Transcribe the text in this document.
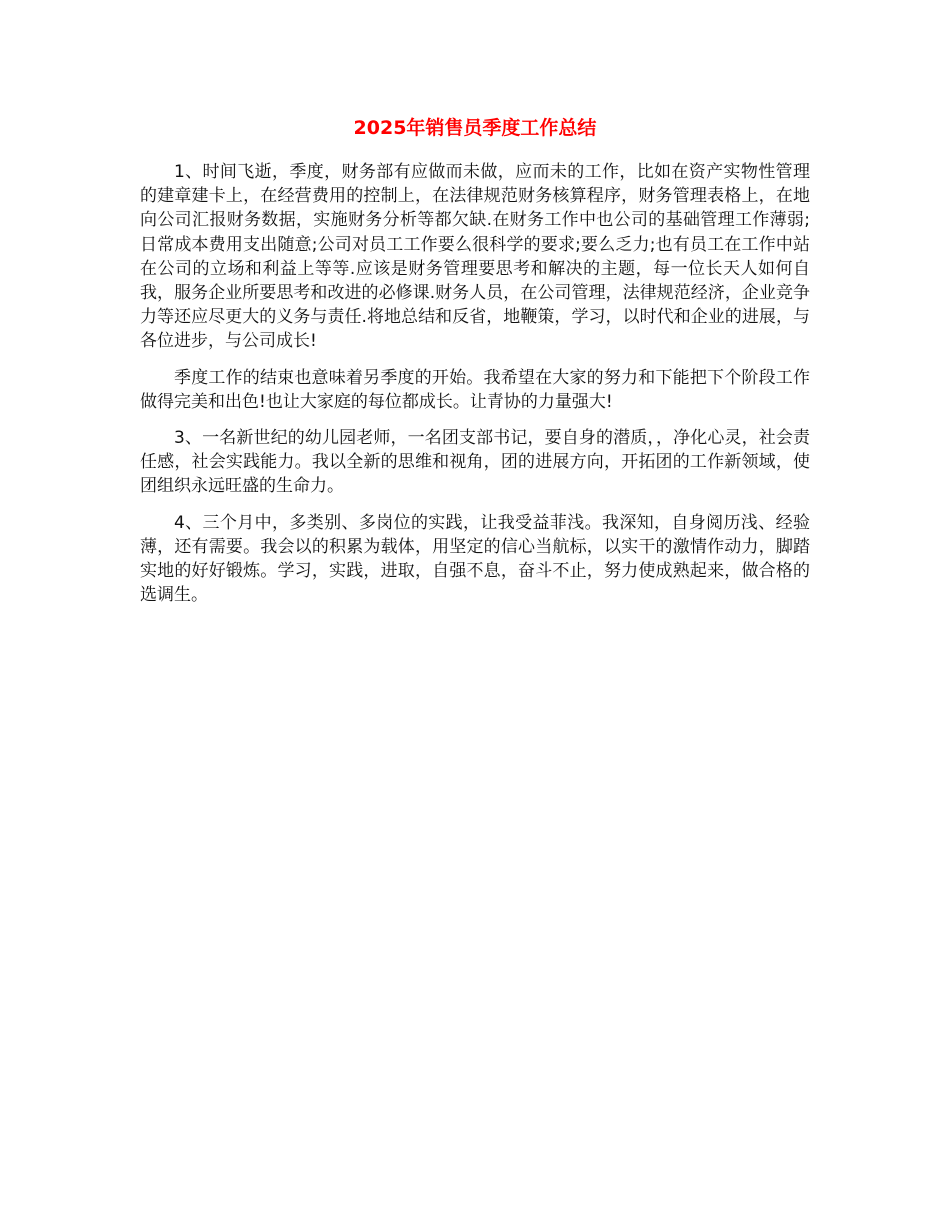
2025年销售员季度工作总结

1、时间飞逝，季度，财务部有应做而未做，应而未的工作，比如在资产实物性管理的建章建卡上，在经营费用的控制上，在法律规范财务核算程序，财务管理表格上，在地向公司汇报财务数据，实施财务分析等都欠缺.在财务工作中也公司的基础管理工作薄弱;日常成本费用支出随意;公司对员工工作要么很科学的要求;要么乏力;也有员工在工作中站在公司的立场和利益上等等.应该是财务管理要思考和解决的主题，每一位长天人如何自我，服务企业所要思考和改进的必修课.财务人员，在公司管理，法律规范经济，企业竞争力等还应尽更大的义务与责任.将地总结和反省，地鞭策，学习，以时代和企业的进展，与各位进步，与公司成长!

季度工作的结束也意味着另季度的开始。我希望在大家的努力和下能把下个阶段工作做得完美和出色!也让大家庭的每位都成长。让青协的力量强大!

3、一名新世纪的幼儿园老师，一名团支部书记，要自身的潜质，，净化心灵，社会责任感，社会实践能力。我以全新的思维和视角，团的进展方向，开拓团的工作新领域，使团组织永远旺盛的生命力。

4、三个月中，多类别、多岗位的实践，让我受益菲浅。我深知，自身阅历浅、经验薄，还有需要。我会以的积累为载体，用坚定的信心当航标，以实干的激情作动力，脚踏实地的好好锻炼。学习，实践，进取，自强不息，奋斗不止，努力使成熟起来，做合格的选调生。
